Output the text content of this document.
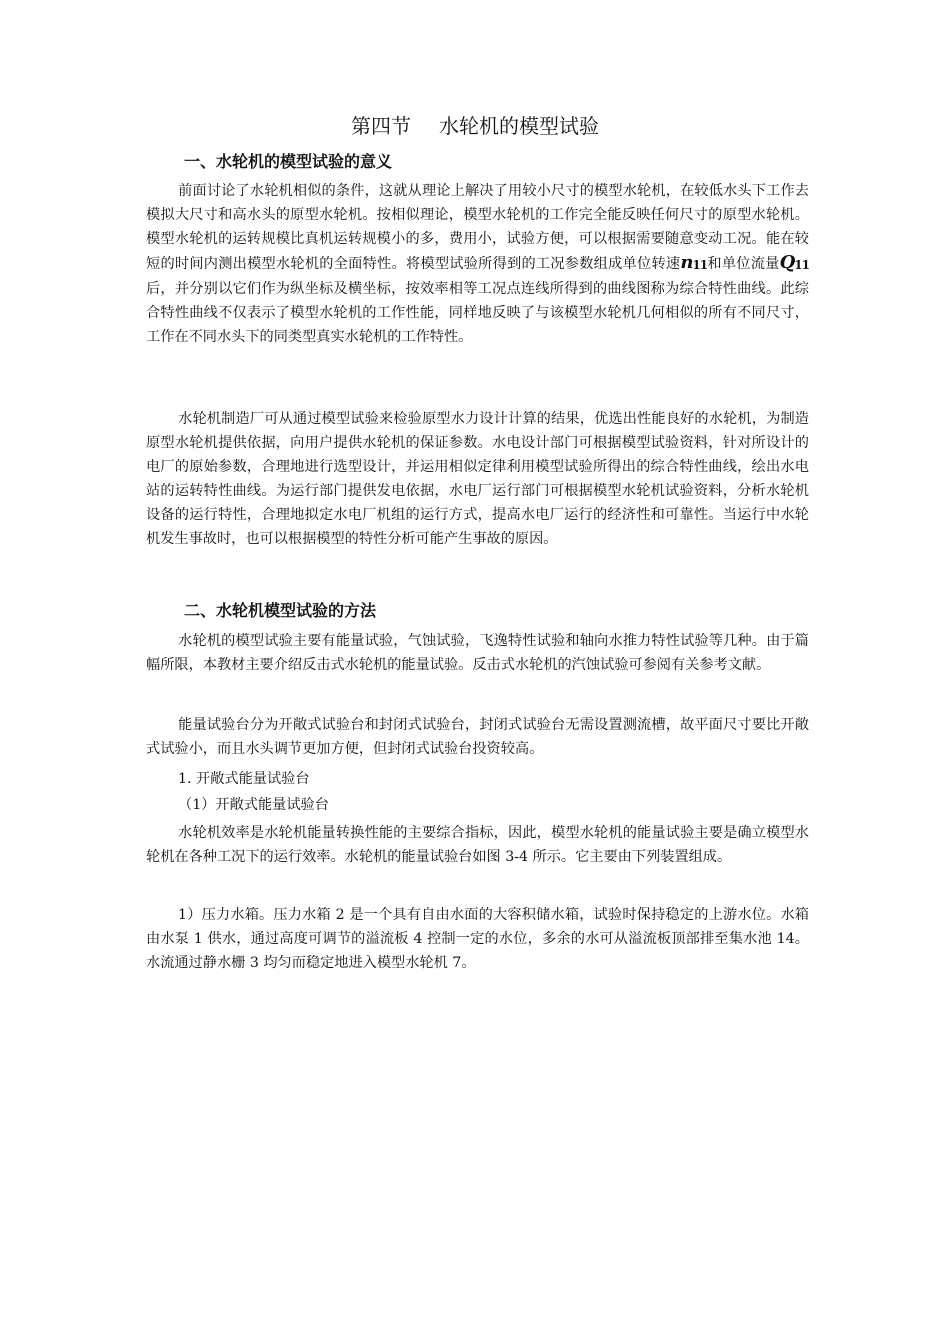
第四节 水轮机的模型试验
一、水轮机的模型试验的意义
前面讨论了水轮机相似的条件，这就从理论上解决了用较小尺寸的模型水轮机，在较低水头下工作去模拟大尺寸和高水头的原型水轮机。按相似理论，模型水轮机的工作完全能反映任何尺寸的原型水轮机。模型水轮机的运转规模比真机运转规模小的多，费用小，试验方便，可以根据需要随意变动工况。能在较短的时间内测出模型水轮机的全面特性。将模型试验所得到的工况参数组成单位转速$n_{11}$和单位流量$Q_{11}$后，并分别以它们作为纵坐标及横坐标，按效率相等工况点连线所得到的曲线图称为综合特性曲线。此综合特性曲线不仅表示了模型水轮机的工作性能，同样地反映了与该模型水轮机几何相似的所有不同尺寸，工作在不同水头下的同类型真实水轮机的工作特性。
水轮机制造厂可从通过模型试验来检验原型水力设计计算的结果，优选出性能良好的水轮机，为制造原型水轮机提供依据，向用户提供水轮机的保证参数。水电设计部门可根据模型试验资料，针对所设计的电厂的原始参数，合理地进行选型设计，并运用相似定律利用模型试验所得出的综合特性曲线，绘出水电站的运转特性曲线。为运行部门提供发电依据，水电厂运行部门可根据模型水轮机试验资料，分析水轮机设备的运行特性，合理地拟定水电厂机组的运行方式，提高水电厂运行的经济性和可靠性。当运行中水轮机发生事故时，也可以根据模型的特性分析可能产生事故的原因。
二、水轮机模型试验的方法
水轮机的模型试验主要有能量试验，气蚀试验，飞逸特性试验和轴向水推力特性试验等几种。由于篇幅所限，本教材主要介绍反击式水轮机的能量试验。反击式水轮机的汽蚀试验可参阅有关参考文献。
能量试验台分为开敞式试验台和封闭式试验台，封闭式试验台无需设置测流槽，故平面尺寸要比开敞式试验小，而且水头调节更加方便，但封闭式试验台投资较高。
1. 开敞式能量试验台
（1）开敞式能量试验台
水轮机效率是水轮机能量转换性能的主要综合指标，因此，模型水轮机的能量试验主要是确立模型水轮机在各种工况下的运行效率。水轮机的能量试验台如图 3-4 所示。它主要由下列装置组成。
1）压力水箱。压力水箱 2 是一个具有自由水面的大容积储水箱，试验时保持稳定的上游水位。水箱由水泵 1 供水，通过高度可调节的溢流板 4 控制一定的水位，多余的水可从溢流板顶部排至集水池 14。水流通过静水栅 3 均匀而稳定地进入模型水轮机 7。
